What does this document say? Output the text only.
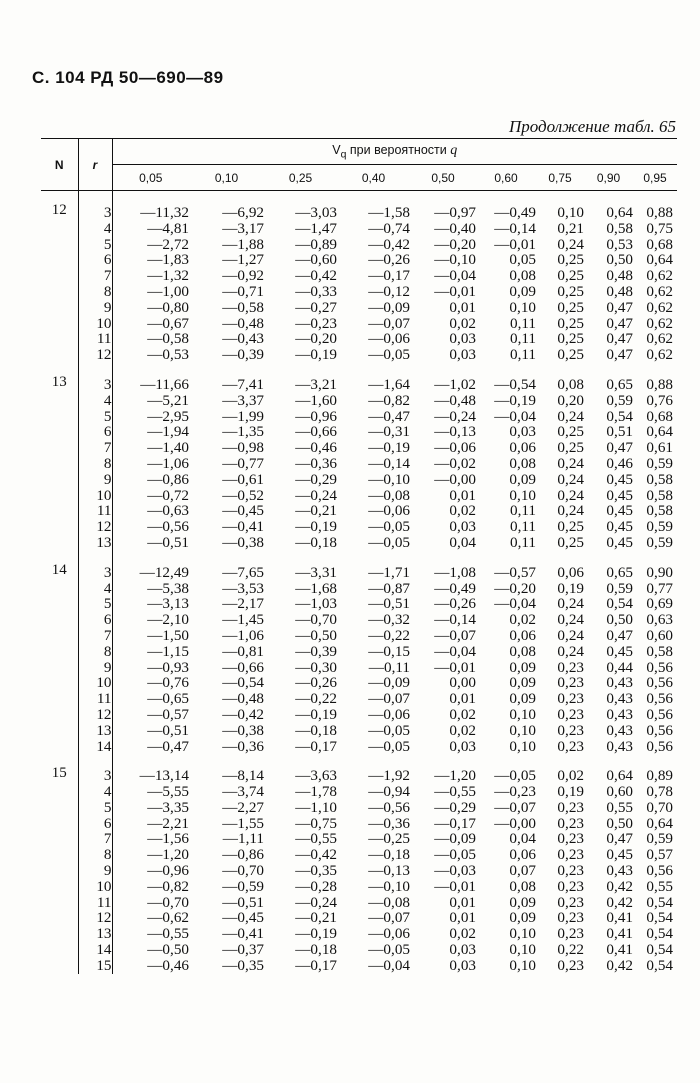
С. 104 РД 50—690—89
Продолжение табл. 65
N	r	$V_q$ при вероятности q								
		0,05	0,10	0,25	0,40	0,50	0,60	0,75	0,90	0,95
12	3	—11,32	—6,92	—3,03	—1,58	—0,97	—0,49	0,10	0,64	0,88
	4	—4,81	—3,17	—1,47	—0,74	—0,40	—0,14	0,21	0,58	0,75
	5	—2,72	—1,88	—0,89	—0,42	—0,20	—0,01	0,24	0,53	0,68
	6	—1,83	—1,27	—0,60	—0,26	—0,10	0,05	0,25	0,50	0,64
	7	—1,32	—0,92	—0,42	—0,17	—0,04	0,08	0,25	0,48	0,62
	8	—1,00	—0,71	—0,33	—0,12	—0,01	0,09	0,25	0,48	0,62
	9	—0,80	—0,58	—0,27	—0,09	0,01	0,10	0,25	0,47	0,62
	10	—0,67	—0,48	—0,23	—0,07	0,02	0,11	0,25	0,47	0,62
	11	—0,58	—0,43	—0,20	—0,06	0,03	0,11	0,25	0,47	0,62
	12	—0,53	—0,39	—0,19	—0,05	0,03	0,11	0,25	0,47	0,62
13	3	—11,66	—7,41	—3,21	—1,64	—1,02	—0,54	0,08	0,65	0,88
	4	—5,21	—3,37	—1,60	—0,82	—0,48	—0,19	0,20	0,59	0,76
	5	—2,95	—1,99	—0,96	—0,47	—0,24	—0,04	0,24	0,54	0,68
	6	—1,94	—1,35	—0,66	—0,31	—0,13	0,03	0,25	0,51	0,64
	7	—1,40	—0,98	—0,46	—0,19	—0,06	0,06	0,25	0,47	0,61
	8	—1,06	—0,77	—0,36	—0,14	—0,02	0,08	0,24	0,46	0,59
	9	—0,86	—0,61	—0,29	—0,10	—0,00	0,09	0,24	0,45	0,58
	10	—0,72	—0,52	—0,24	—0,08	0,01	0,10	0,24	0,45	0,58
	11	—0,63	—0,45	—0,21	—0,06	0,02	0,11	0,24	0,45	0,58
	12	—0,56	—0,41	—0,19	—0,05	0,03	0,11	0,25	0,45	0,59
	13	—0,51	—0,38	—0,18	—0,05	0,04	0,11	0,25	0,45	0,59
14	3	—12,49	—7,65	—3,31	—1,71	—1,08	—0,57	0,06	0,65	0,90
	4	—5,38	—3,53	—1,68	—0,87	—0,49	—0,20	0,19	0,59	0,77
	5	—3,13	—2,17	—1,03	—0,51	—0,26	—0,04	0,24	0,54	0,69
	6	—2,10	—1,45	—0,70	—0,32	—0,14	0,02	0,24	0,50	0,63
	7	—1,50	—1,06	—0,50	—0,22	—0,07	0,06	0,24	0,47	0,60
	8	—1,15	—0,81	—0,39	—0,15	—0,04	0,08	0,24	0,45	0,58
	9	—0,93	—0,66	—0,30	—0,11	—0,01	0,09	0,23	0,44	0,56
	10	—0,76	—0,54	—0,26	—0,09	0,00	0,09	0,23	0,43	0,56
	11	—0,65	—0,48	—0,22	—0,07	0,01	0,09	0,23	0,43	0,56
	12	—0,57	—0,42	—0,19	—0,06	0,02	0,10	0,23	0,43	0,56
	13	—0,51	—0,38	—0,18	—0,05	0,02	0,10	0,23	0,43	0,56
	14	—0,47	—0,36	—0,17	—0,05	0,03	0,10	0,23	0,43	0,56
15	3	—13,14	—8,14	—3,63	—1,92	—1,20	—0,05	0,02	0,64	0,89
	4	—5,55	—3,74	—1,78	—0,94	—0,55	—0,23	0,19	0,60	0,78
	5	—3,35	—2,27	—1,10	—0,56	—0,29	—0,07	0,23	0,55	0,70
	6	—2,21	—1,55	—0,75	—0,36	—0,17	—0,00	0,23	0,50	0,64
	7	—1,56	—1,11	—0,55	—0,25	—0,09	0,04	0,23	0,47	0,59
	8	—1,20	—0,86	—0,42	—0,18	—0,05	0,06	0,23	0,45	0,57
	9	—0,96	—0,70	—0,35	—0,13	—0,03	0,07	0,23	0,43	0,56
	10	—0,82	—0,59	—0,28	—0,10	—0,01	0,08	0,23	0,42	0,55
	11	—0,70	—0,51	—0,24	—0,08	0,01	0,09	0,23	0,42	0,54
	12	—0,62	—0,45	—0,21	—0,07	0,01	0,09	0,23	0,41	0,54
	13	—0,55	—0,41	—0,19	—0,06	0,02	0,10	0,23	0,41	0,54
	14	—0,50	—0,37	—0,18	—0,05	0,03	0,10	0,22	0,41	0,54
	15	—0,46	—0,35	—0,17	—0,04	0,03	0,10	0,23	0,42	0,54
